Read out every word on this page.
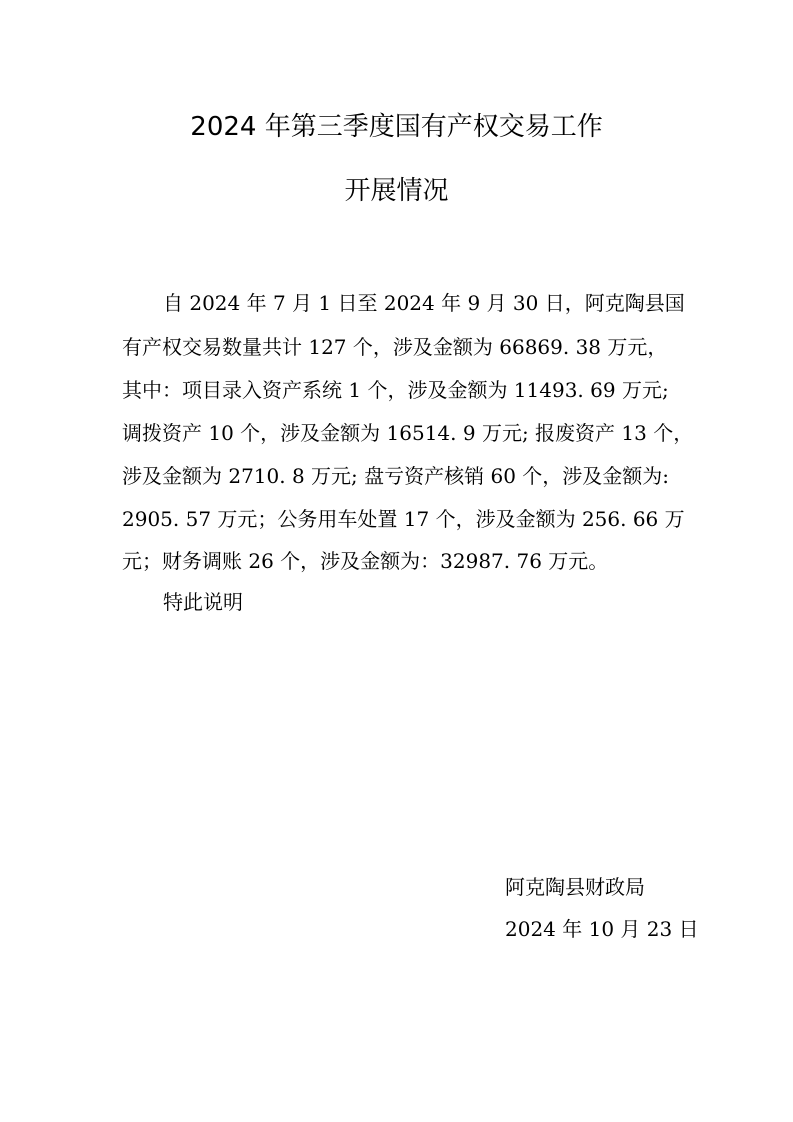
2024 年第三季度国有产权交易工作
开展情况
自 2024 年 7 月 1 日至 2024 年 9 月 30 日，阿克陶县国
有产权交易数量共计 127 个，涉及金额为 66869. 38 万元，
其中：项目录入资产系统 1 个，涉及金额为 11493. 69 万元;
调拨资产 10 个，涉及金额为 16514. 9 万元; 报废资产 13 个，
涉及金额为 2710. 8 万元; 盘亏资产核销 60 个，涉及金额为:
2905. 57 万元；公务用车处置 17 个，涉及金额为 256. 66 万
元；财务调账 26 个，涉及金额为：32987. 76 万元。
特此说明
阿克陶县财政局
2024 年 10 月 23 日
